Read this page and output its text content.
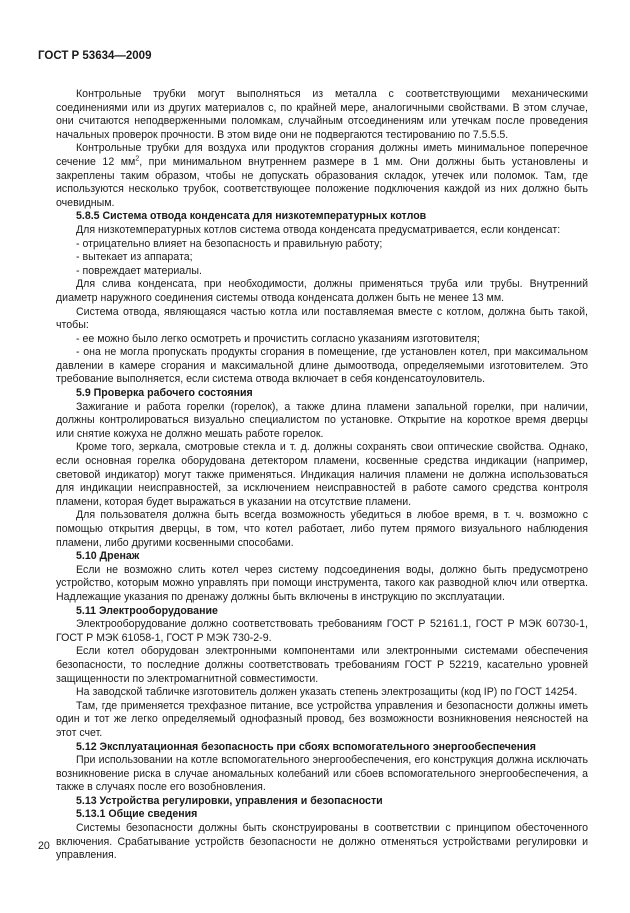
ГОСТ Р 53634—2009

Контрольные трубки могут выполняться из металла с соответствующими механическими соединениями или из других материалов с, по крайней мере, аналогичными свойствами. В этом случае, они считаются неподверженными поломкам, случайным отсоединениям или утечкам после проведения начальных проверок прочности. В этом виде они не подвергаются тестированию по 7.5.5.5.

Контрольные трубки для воздуха или продуктов сгорания должны иметь минимальное поперечное сечение 12 $мм^2$, при минимальном внутреннем размере в 1 мм. Они должны быть установлены и закреплены таким образом, чтобы не допускать образования складок, утечек или поломок. Там, где используются несколько трубок, соответствующее положение подключения каждой из них должно быть очевидным.

5.8.5 Система отвода конденсата для низкотемпературных котлов

Для низкотемпературных котлов система отвода конденсата предусматривается, если конденсат:

- отрицательно влияет на безопасность и правильную работу;

- вытекает из аппарата;

- повреждает материалы.

Для слива конденсата, при необходимости, должны применяться труба или трубы. Внутренний диаметр наружного соединения системы отвода конденсата должен быть не менее 13 мм.

Система отвода, являющаяся частью котла или поставляемая вместе с котлом, должна быть такой, чтобы:

- ее можно было легко осмотреть и прочистить согласно указаниям изготовителя;

- она не могла пропускать продукты сгорания в помещение, где установлен котел, при максимальном давлении в камере сгорания и максимальной длине дымоотвода, определяемыми изготовителем. Это требование выполняется, если система отвода включает в себя конденсатоуловитель.

5.9 Проверка рабочего состояния

Зажигание и работа горелки (горелок), а также длина пламени запальной горелки, при наличии, должны контролироваться визуально специалистом по установке. Открытие на короткое время дверцы или снятие кожуха не должно мешать работе горелок.

Кроме того, зеркала, смотровые стекла и т. д. должны сохранять свои оптические свойства. Однако, если основная горелка оборудована детектором пламени, косвенные средства индикации (например, световой индикатор) могут также применяться. Индикация наличия пламени не должна использоваться для индикации неисправностей, за исключением неисправностей в работе самого средства контроля пламени, которая будет выражаться в указании на отсутствие пламени.

Для пользователя должна быть всегда возможность убедиться в любое время, в т. ч. возможно с помощью открытия дверцы, в том, что котел работает, либо путем прямого визуального наблюдения пламени, либо другими косвенными способами.

5.10 Дренаж

Если не возможно слить котел через систему подсоединения воды, должно быть предусмотрено устройство, которым можно управлять при помощи инструмента, такого как разводной ключ или отвертка. Надлежащие указания по дренажу должны быть включены в инструкцию по эксплуатации.

5.11 Электрооборудование

Электрооборудование должно соответствовать требованиям ГОСТ Р 52161.1, ГОСТ Р МЭК 60730-1, ГОСТ Р МЭК 61058-1, ГОСТ Р МЭК 730-2-9.

Если котел оборудован электронными компонентами или электронными системами обеспечения безопасности, то последние должны соответствовать требованиям ГОСТ Р 52219, касательно уровней защищенности по электромагнитной совместимости.

На заводской табличке изготовитель должен указать степень электрозащиты (код IP) по ГОСТ 14254.

Там, где применяется трехфазное питание, все устройства управления и безопасности должны иметь один и тот же легко определяемый однофазный провод, без возможности возникновения неясностей на этот счет.

5.12 Эксплуатационная безопасность при сбоях вспомогательного энергообеспечения

При использовании на котле вспомогательного энергообеспечения, его конструкция должна исключать возникновение риска в случае аномальных колебаний или сбоев вспомогательного энергообеспечения, а также в случаях после его возобновления.

5.13 Устройства регулировки, управления и безопасности

5.13.1 Общие сведения

Системы безопасности должны быть сконструированы в соответствии с принципом обесточенного включения. Срабатывание устройств безопасности не должно отменяться устройствами регулировки и управления.

20
